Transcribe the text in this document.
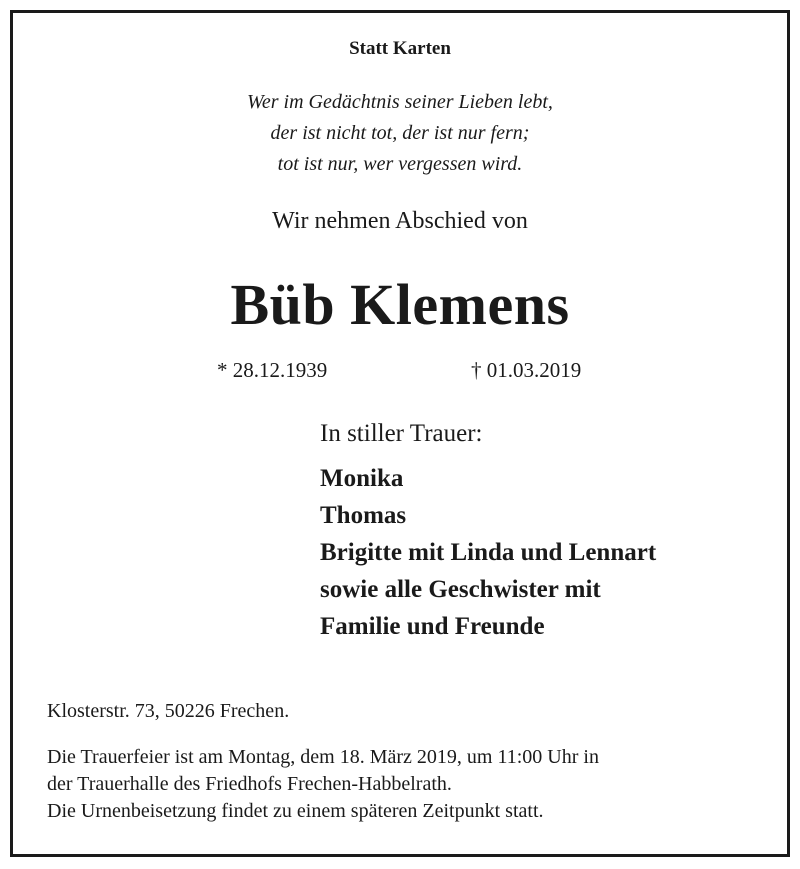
Statt Karten
Wer im Gedächtnis seiner Lieben lebt,
der ist nicht tot, der ist nur fern;
tot ist nur, wer vergessen wird.
Wir nehmen Abschied von
Büb Klemens
* 28.12.1939	† 01.03.2019
In stiller Trauer:
Monika
Thomas
Brigitte mit Linda und Lennart
sowie alle Geschwister mit
Familie und Freunde
Klosterstr. 73, 50226 Frechen.
Die Trauerfeier ist am Montag, dem 18. März 2019, um 11:00 Uhr in
der Trauerhalle des Friedhofs Frechen-Habbelrath.
Die Urnenbeisetzung findet zu einem späteren Zeitpunkt statt.
